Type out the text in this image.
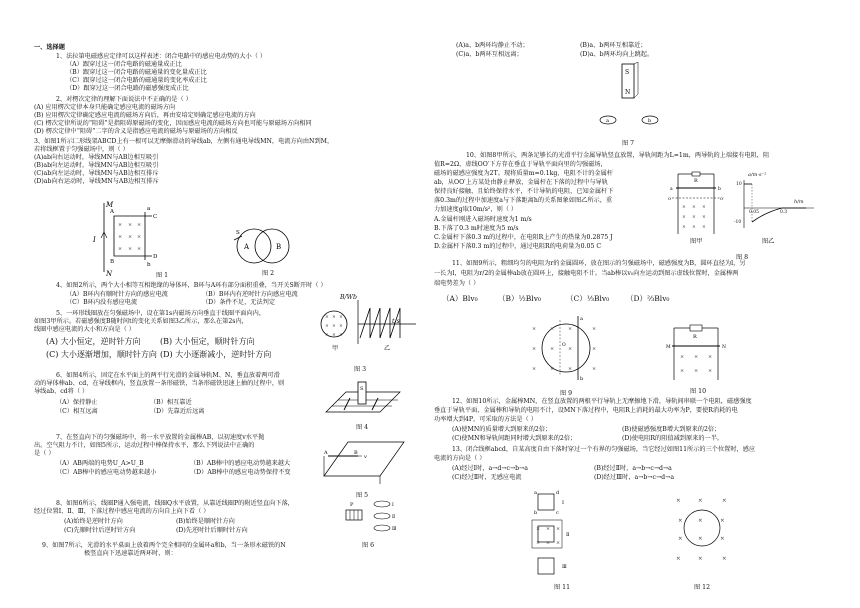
一、选择题
1、法拉第电磁感应定律可以这样表述：闭合电路中的感应电动势的大小（ ）
（A）跟穿过这一闭合电路的磁通量成正比
（B）跟穿过这一闭合电路的磁通量的变化量成正比
（C）跟穿过这一闭合电路的磁通量的变化率成正比
（D）跟穿过这一闭合电路的磁感强度成正比
2、对楞次定律的理解下面说法中不正确的是（ ）
(A) 应用楞次定律本身只能确定感应电流的磁场方向
(B) 应用楞次定律确定感应电流的磁场方向后，再由安培定则确定感应电流的方向
(C) 楞次定律所说的“阻碍”是指阻碍原磁场的变化，因而感应电流的磁场方向也可能与原磁场方向相同
(D) 楞次定律中“阻碍”二字的含义是指感应电流的磁场与原磁场的方向相反
3、如图1所示匚形线架ABCD上有一根可以无摩擦滑动的导线ab，左侧有通电导线MN，电流方向由N到M，
若将线框置于匀强磁场中，则（ ）
(A)ab向右运动时，导线MN与AB边相互吸引
(B)ab向左运动时，导线MN与AB边相互吸引
(C)ab向左运动时，导线MN与AB边相互排斥
(D)ab向右运动时，导线MN与AB边相互排斥
M
N
I
A
B
C
D
a
b
× × ×
× × ×
× × ×
图 1
A	B
S
图 2
4、如图2所示，两个大小相等互相绝缘的导体环，B环与A环有部分面积重叠，当开关S断开时（ ）
（A）B环内有顺时针方向的感应电流	（B）B环内有逆时针方向感应电流
（C）B环内没有感应电流	（D）条件不足，无法判定
5、一环形线圈放在匀强磁场中，设在第1s内磁场方向垂直于线圈平面向内，
如图3甲所示。若磁感强度B随时间t的变化关系如图3乙所示，那么在第2s内，
线圈中感应电流的大小和方向是（ ）
(A) 大小恒定，逆时针方向 (B) 大小恒定，顺时针方向
(C) 大小逐渐增加，顺时针方向 (D) 大小逐渐减小，逆时针方向
× × ×
× × ×
× × ×
B/Wb
t/s
甲	乙
图 3
6、如图4所示，固定在水平面上的两平行光滑的金属导轨M、N，垂直放着两可滑
动的导体棒ab、cd，在导线框内，竖直放置一条形磁铁，当条形磁铁迅速上抽的过程中，则
导线ab、cd将（ ）
（A）保持静止	（B）相互靠近
（C）相互远离	（D）先靠近后远离
S
图 4
7、在竖直向下的匀强磁场中，将一水平放置的金属棒AB，以初速度v水平抛
出。空气阻力不计，如图5所示，运动过程中棒保持水平，那么下列说法中正确的
是（ ）
（A）AB两端的电势U_A>U_B	（B）AB棒中的感应电动势越来越大
（C）AB棒中的感应电动势越来越小	（D）AB棒中的感应电动势保持不变
A	B
v
图 5
8、如图6所示，线圈P通入强电流，线圈Q水平放置，从靠近线圈P的附近竖直向下落，
经过位置Ⅰ、Ⅱ、Ⅲ，下落过程中感应电流的方向自上向下看（ ）
(A)始终是逆时针方向	(B)始终是顺时针方向
(C)先顺时针后逆时针方向	(D)先逆时针后顺时针方向
P	Ⅰ
Ⅱ
Ⅲ
图 6
9、如图7所示，光滑的水平桌面上放着两个完全相同的金属环a和b，当一条形永磁铁的N
极竖直向下迅速靠近两环时，则：
(A)a、b两环均静止不动；	(B)a、b两环互相靠近；
(C)a、b两环互相远离；	(D)a、b两环均向上跳起。
S
N
a	b
图 7
10、如图8甲所示，两条足够长的光滑平行金属导轨竖直放置，导轨间距为L=1m，两导轨的上端接有电阻，阻
值R=2Ω，虚线OO′下方存在垂直于导轨平面向里的匀强磁场，
磁场的磁感应强度为2T。现将质量m=0.1kg、电阻不计的金属杆
ab，从OO′上方某处由静止释放，金属杆在下落的过程中与导轨
保持良好接触，且始终保持水平，不计导轨的电阻，已知金属杆下
落0.3m的过程中加速度a与下落距离h的关系图象如图乙所示，重
力加速度g取10m/s²，则（ ）
A.金属杆刚进入磁场时速度为1 m/s
B.下落了0.3 m时速度为5 m/s
C.金属杆下落0.3 m的过程中，在电阻R上产生的热量为0.2875 J
D.金属杆下落0.3 m的过程中，通过电阻R的电荷量为0.05 C
R
a	b
O	O′
× × ×
× × ×
× × ×
图甲
a/m·s⁻²
h/m
10
0.05	0.3
-10
图乙
图 8
11、如图9所示，粗细均匀的电阻为r的金属圆环，放在图示的匀强磁场中，磁感强度为B，圆环直径为l，另
一长为l，电阻为r/2的金属棒ab放在圆环上，接触电阻不计。当ab棒以v₀向左运动到图示虚线位置时，金属棒两
端电势差为（ ）
（A）Blv₀	（B）½Blv₀	（C）⅓Blv₀ （D）⅔Blv₀
a
b
×	×	×	×
×	×	×	×
×	×	×	×
O
图 9
R
M	N
× × ×
× × ×
图 10
12、如图10所示，金属棒MN，在竖直放置的两根平行导轨上无摩擦地下滑，导轨间串联一个电阻，磁感强度
垂直于导轨平面，金属棒和导轨的电阻不计，设MN下落过程中，电阻R上消耗的最大功率为P，要使R消耗的电
功率增大到4P，可采取的方法是（ ）
(A)使MN的质量增大到原来的2倍；	(B)使磁感强度B增大到原来的2倍；
(C)使MN和导轨间距同时增大到原来的2倍；	(D)使电阻R的阻值减到原来的一半。
13、闭合线框abcd，自某高度自由下落时穿过一个有界的匀强磁场，当它经过如图11所示的三个位置时，感应
电流的方向是（ ）
(A)经过Ⅰ时，a→d→c→b→a	(B)经过Ⅱ时，a→b→c→d→a
(C)经过Ⅱ时，无感应电流	(D)经过Ⅲ时，a→b→c→d→a
a	d
b	c
Ⅰ
× × ×
× × ×
Ⅱ
Ⅲ
图 11
×	×	×
×	×	×
×	×	×
×	×	×
图 12
